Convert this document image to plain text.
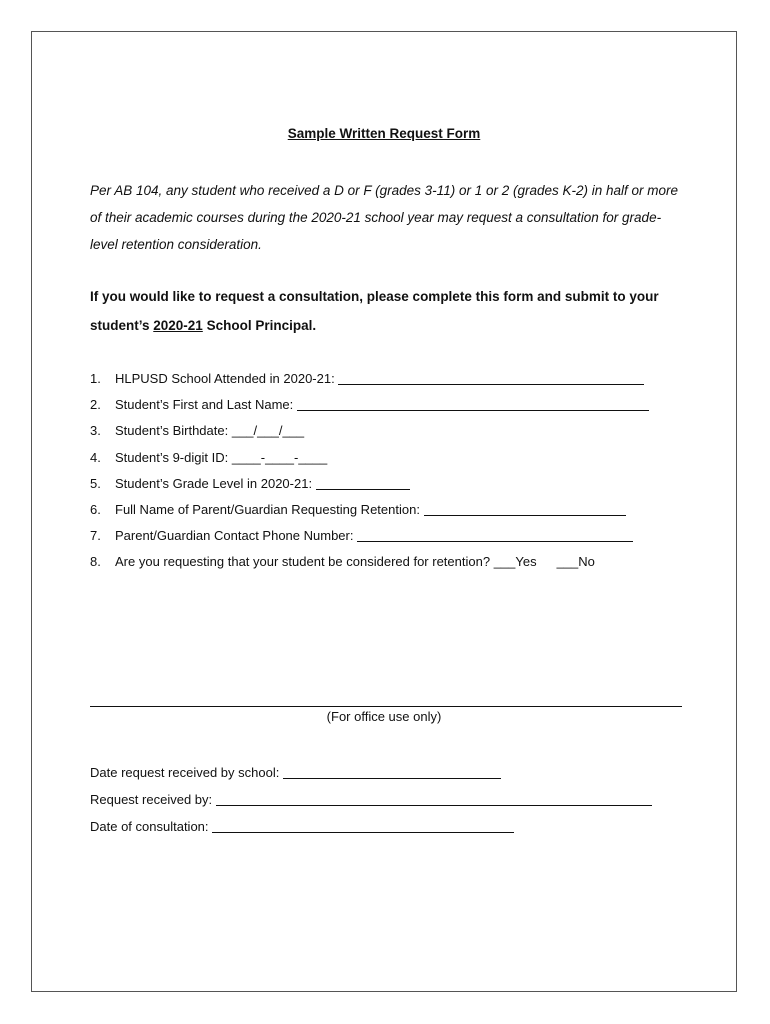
Sample Written Request Form
Per AB 104, any student who received a D or F (grades 3-11) or 1 or 2 (grades K-2) in half or more of their academic courses during the 2020-21 school year may request a consultation for grade-level retention consideration.
If you would like to request a consultation, please complete this form and submit to your student’s 2020-21 School Principal.
1. HLPUSD School Attended in 2020-21:
2. Student’s First and Last Name:
3. Student’s Birthdate: ___/___/___
4. Student’s 9-digit ID: ____-____-____
5. Student’s Grade Level in 2020-21:
6. Full Name of Parent/Guardian Requesting Retention:
7. Parent/Guardian Contact Phone Number:
8. Are you requesting that your student be considered for retention? ___Yes ___No
(For office use only)
Date request received by school:
Request received by:
Date of consultation:
